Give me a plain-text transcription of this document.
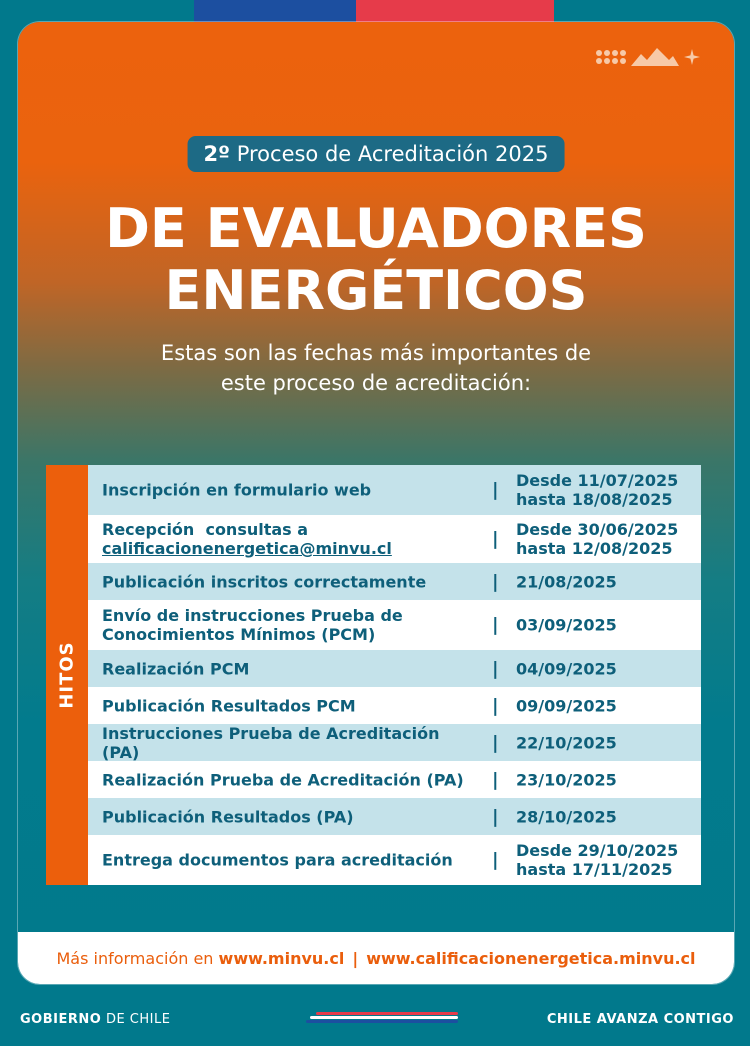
2º Proceso de Acreditación 2025
DE EVALUADORES
ENERGÉTICOS
Estas son las fechas más importantes de
este proceso de acreditación:
HITOS
Inscripción en formulario web	| Desde 11/07/2025
hasta 18/08/2025
Recepción  consultas a
calificacionenergetica@minvu.cl	| Desde 30/06/2025
hasta 12/08/2025
Publicación inscritos correctamente	| 21/08/2025
Envío de instrucciones Prueba de
Conocimientos Mínimos (PCM)	| 03/09/2025
Realización PCM	| 04/09/2025
Publicación Resultados PCM	| 09/09/2025
Instrucciones Prueba de Acreditación (PA)	| 22/10/2025
Realización Prueba de Acreditación (PA)	| 23/10/2025
Publicación Resultados (PA)	| 28/10/2025
Entrega documentos para acreditación	| Desde 29/10/2025
hasta 17/11/2025
Más información en
www.minvu.cl | www.calificacionenergetica.minvu.cl
GOBIERNO DE CHILE	CHILE AVANZA CONTIGO
